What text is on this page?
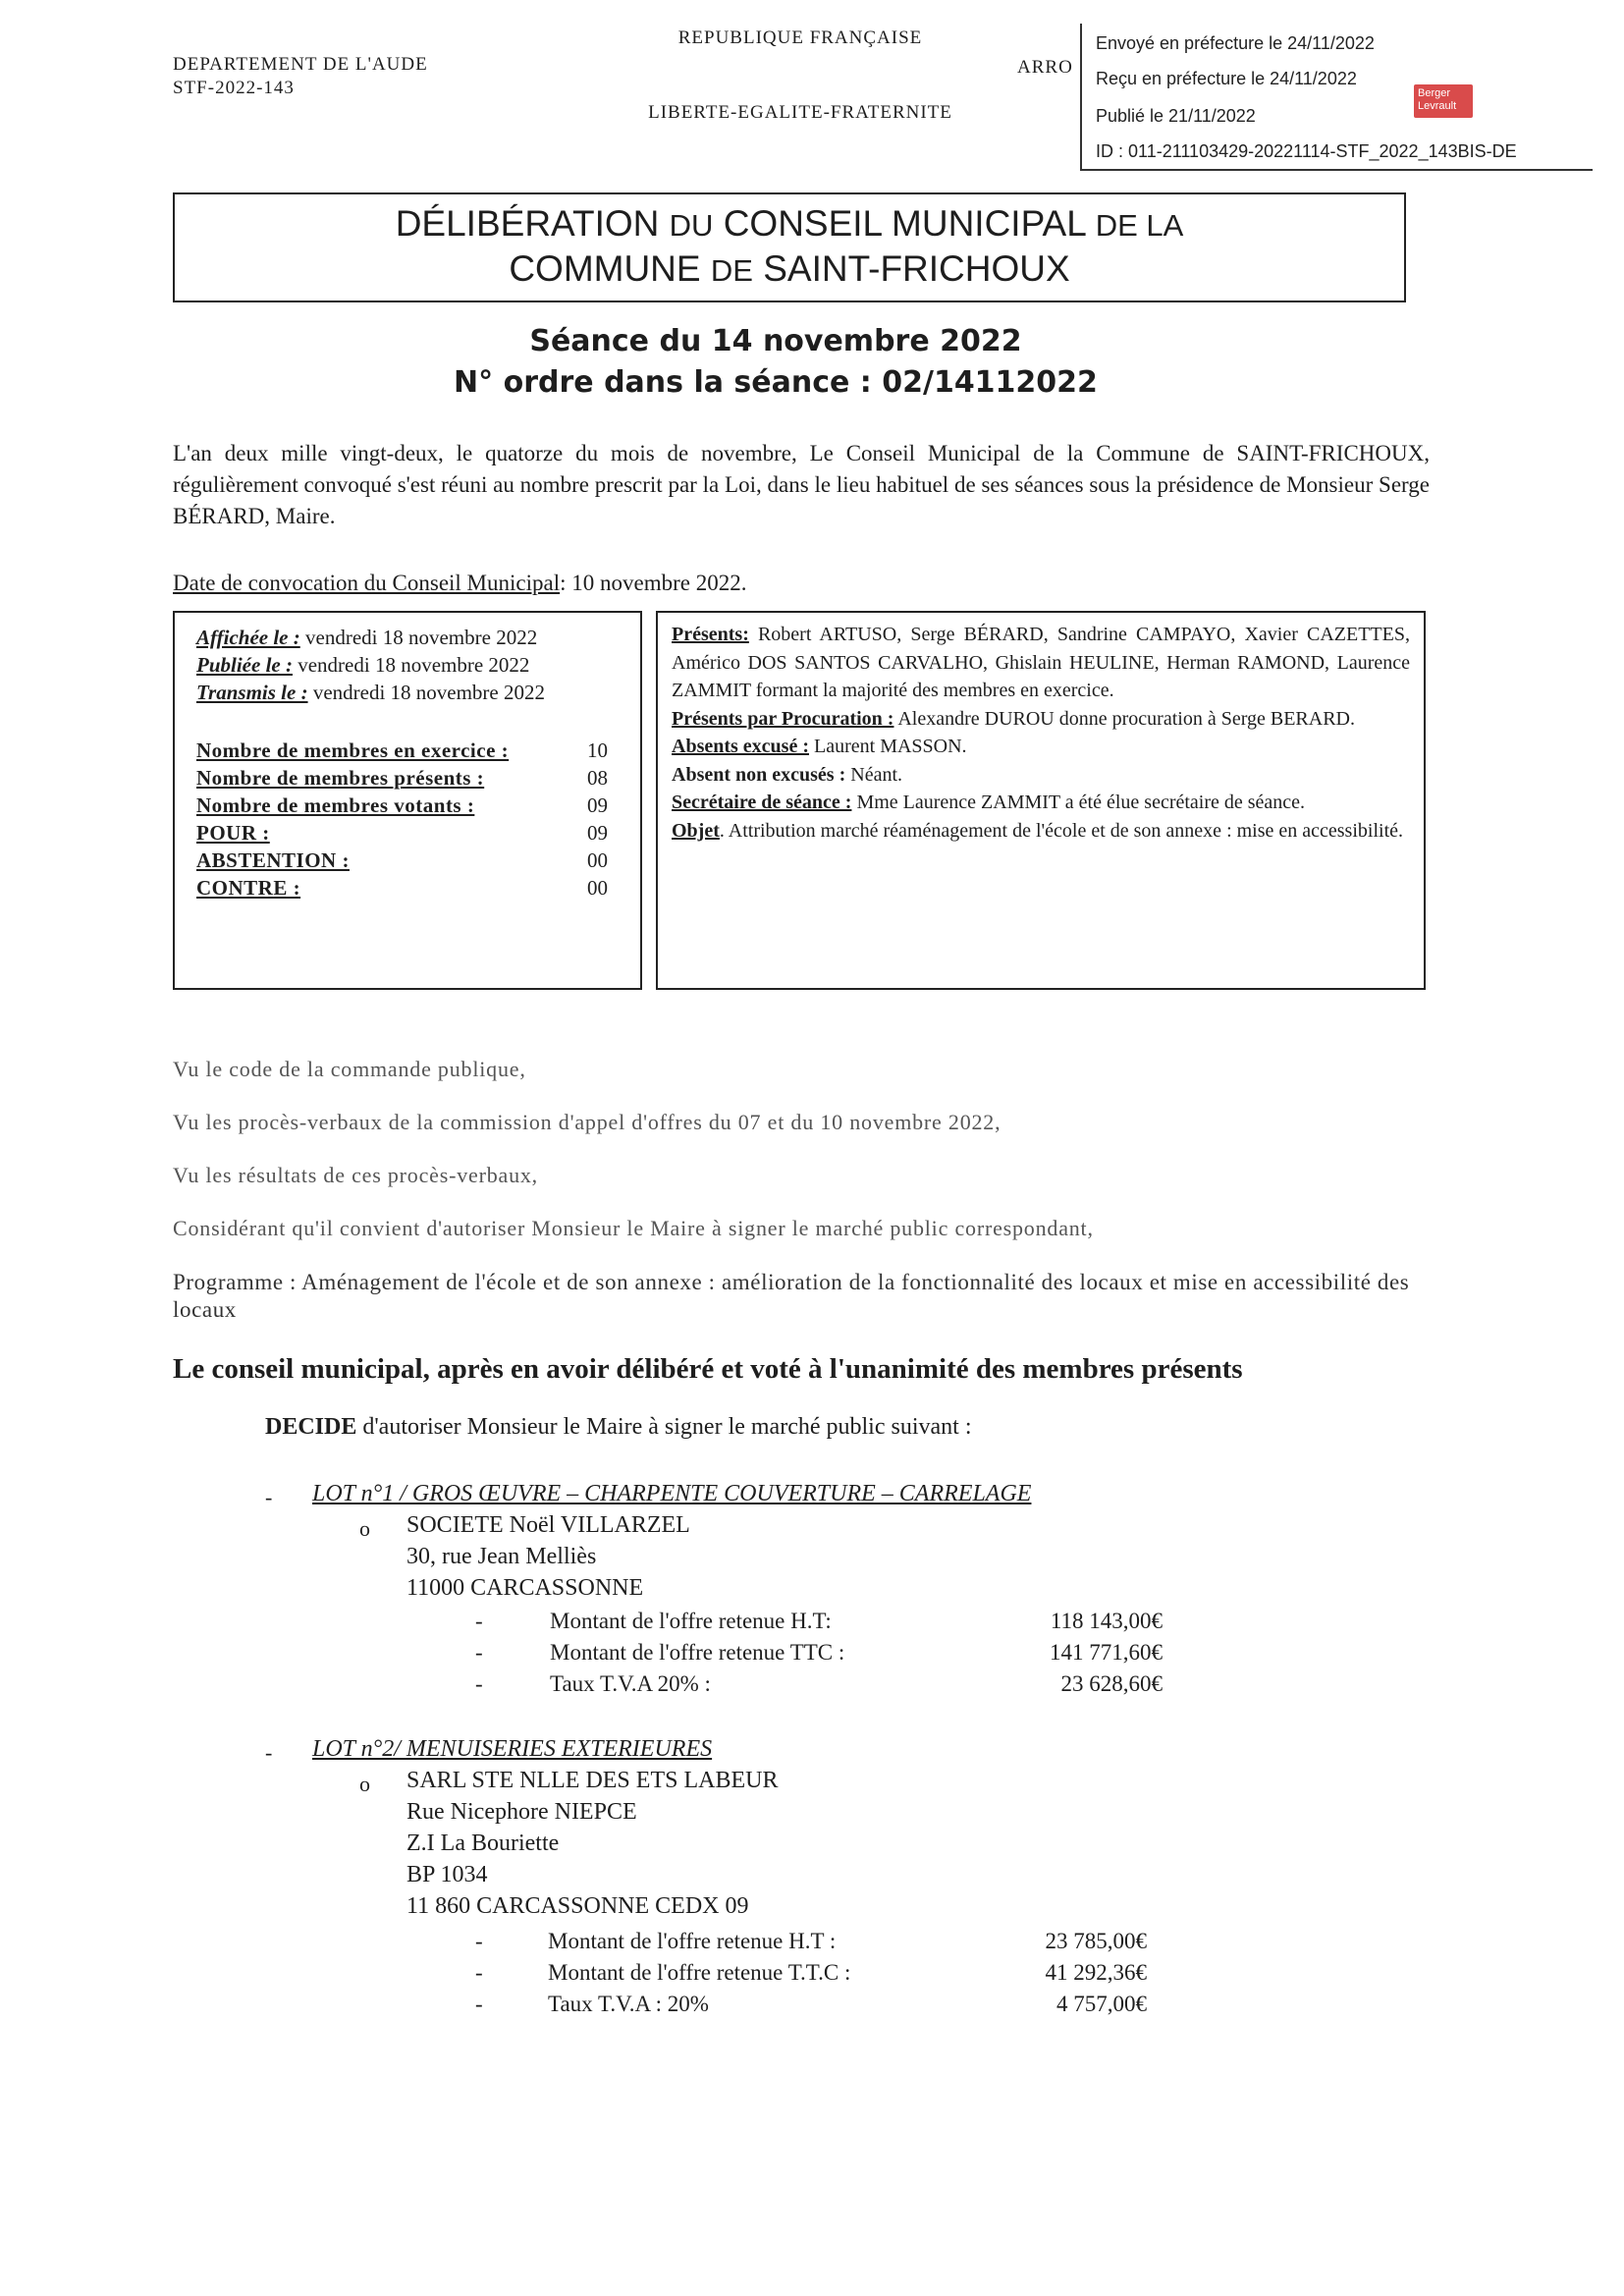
DEPARTEMENT DE L'AUDE
STF-2022-143
REPUBLIQUE FRANÇAISE
LIBERTE-EGALITE-FRATERNITE
ARRO
Envoyé en préfecture le 24/11/2022
Reçu en préfecture le 24/11/2022
Publié le 21/11/2022
ID : 011-211103429-20221114-STF_2022_143BIS-DE
Berger Levrault
DÉLIBÉRATION DU CONSEIL MUNICIPAL DE LA
COMMUNE DE SAINT-FRICHOUX
Séance du 14 novembre 2022
N° ordre dans la séance : 02/14112022
L'an deux mille vingt-deux, le quatorze du mois de novembre, Le Conseil Municipal de la Commune de SAINT-FRICHOUX, régulièrement convoqué s'est réuni au nombre prescrit par la Loi, dans le lieu habituel de ses séances sous la présidence de Monsieur Serge BÉRARD, Maire.
Date de convocation du Conseil Municipal: 10 novembre 2022.
Affichée le : vendredi 18 novembre 2022
Publiée le : vendredi 18 novembre 2022
Transmis le : vendredi 18 novembre 2022
Nombre de membres en exercice :	10
Nombre de membres présents :	08
Nombre de membres votants :	09
POUR :	09
ABSTENTION :	00
CONTRE :	00
Présents: Robert ARTUSO, Serge BÉRARD, Sandrine CAMPAYO, Xavier CAZETTES, Américo DOS SANTOS CARVALHO, Ghislain HEULINE, Herman RAMOND, Laurence ZAMMIT formant la majorité des membres en exercice.
Présents par Procuration : Alexandre DUROU donne procuration à Serge BERARD.
Absents excusé : Laurent MASSON.
Absent non excusés : Néant.
Secrétaire de séance : Mme Laurence ZAMMIT a été élue secrétaire de séance.
Objet. Attribution marché réaménagement de l'école et de son annexe : mise en accessibilité.
Vu le code de la commande publique,
Vu les procès-verbaux de la commission d'appel d'offres du 07 et du 10 novembre 2022,
Vu les résultats de ces procès-verbaux,
Considérant qu'il convient d'autoriser Monsieur le Maire à signer le marché public correspondant,
Programme : Aménagement de l'école et de son annexe : amélioration de la fonctionnalité des locaux et mise en accessibilité des locaux
Le conseil municipal, après en avoir délibéré et voté à l'unanimité des membres présents
DECIDE d'autoriser Monsieur le Maire à signer le marché public suivant :
- LOT n°1 / GROS ŒUVRE – CHARPENTE COUVERTURE – CARRELAGE
o SOCIETE Noël VILLARZEL
30, rue Jean Melliès
11000 CARCASSONNE
-	Montant de l'offre retenue H.T:	118 143,00€
-	Montant de l'offre retenue TTC :	141 771,60€
-	Taux T.V.A 20% :	23 628,60€
- LOT n°2/ MENUISERIES EXTERIEURES
o SARL STE NLLE DES ETS LABEUR
Rue Nicephore NIEPCE
Z.I La Bouriette
BP 1034
11 860 CARCASSONNE CEDX 09
-	Montant de l'offre retenue H.T :	23 785,00€
-	Montant de l'offre retenue T.T.C :	41 292,36€
-	Taux T.V.A : 20%	4 757,00€
